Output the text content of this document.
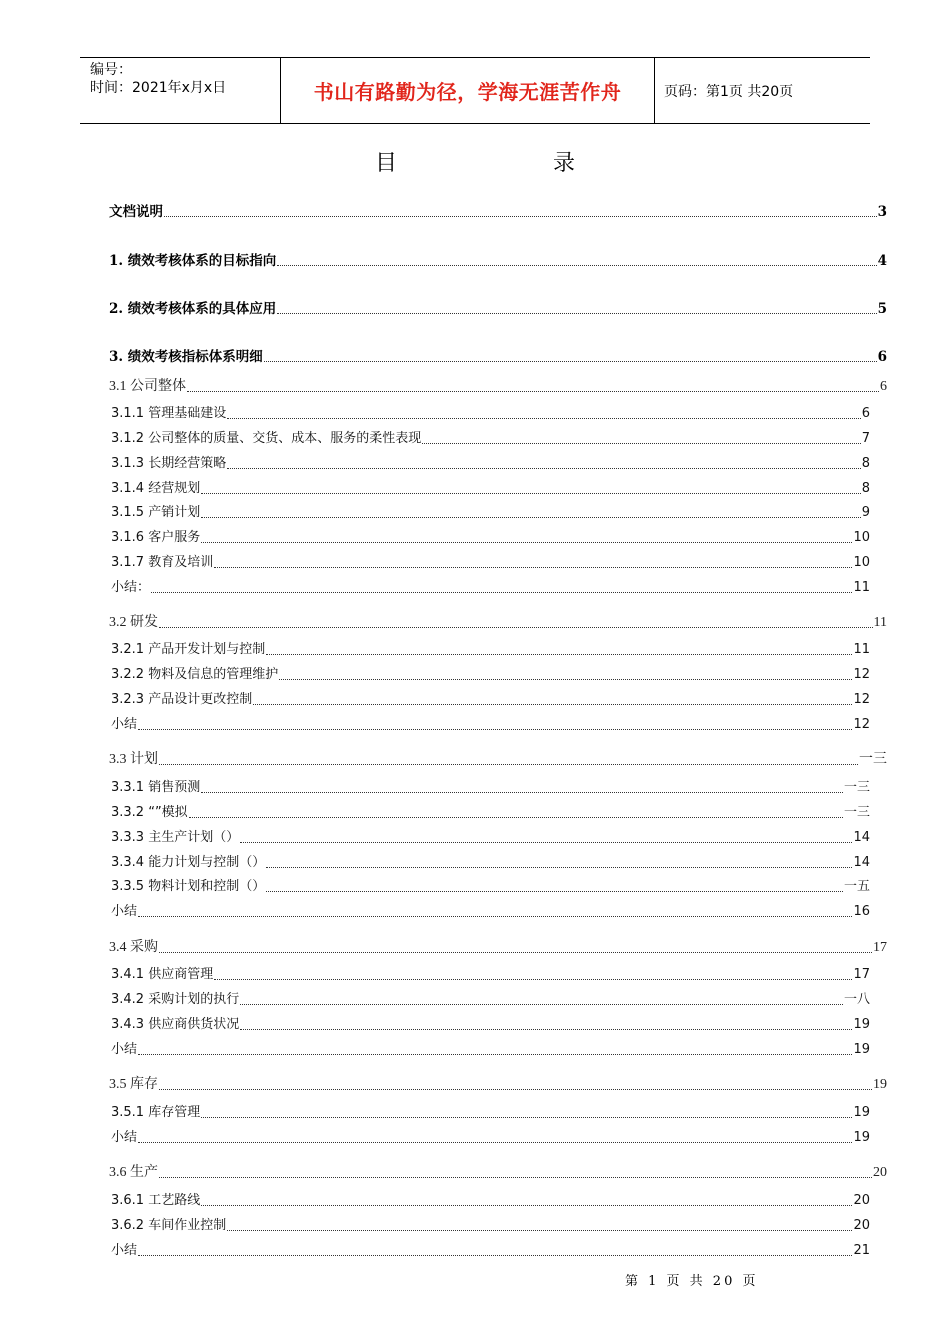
编号：
时间：2021年x月x日	书山有路勤为径，学海无涯苦作舟	页码：第1页 共20页
目	录
文档说明	3
1. 绩效考核体系的目标指向	4
2. 绩效考核体系的具体应用	5
3. 绩效考核指标体系明细	6
3.1 公司整体	6
3.1.1 管理基础建设	6
3.1.2 公司整体的质量、交货、成本、服务的柔性表现	7
3.1.3 长期经营策略	8
3.1.4 经营规划	8
3.1.5 产销计划	9
3.1.6 客户服务	10
3.1.7 教育及培训	10
小结：	11
3.2 研发	11
3.2.1 产品开发计划与控制	11
3.2.2 物料及信息的管理维护	12
3.2.3 产品设计更改控制	12
小结	12
3.3 计划	一三
3.3.1 销售预测	一三
3.3.2 “”模拟	一三
3.3.3 主生产计划（）	14
3.3.4 能力计划与控制（）	14
3.3.5 物料计划和控制（）	一五
小结	16
3.4 采购	17
3.4.1 供应商管理	17
3.4.2 采购计划的执行	一八
3.4.3 供应商供货状况	19
小结	19
3.5 库存	19
3.5.1 库存管理	19
小结	19
3.6 生产	20
3.6.1 工艺路线	20
3.6.2 车间作业控制	20
小结	21
第 1 页 共 20 页
